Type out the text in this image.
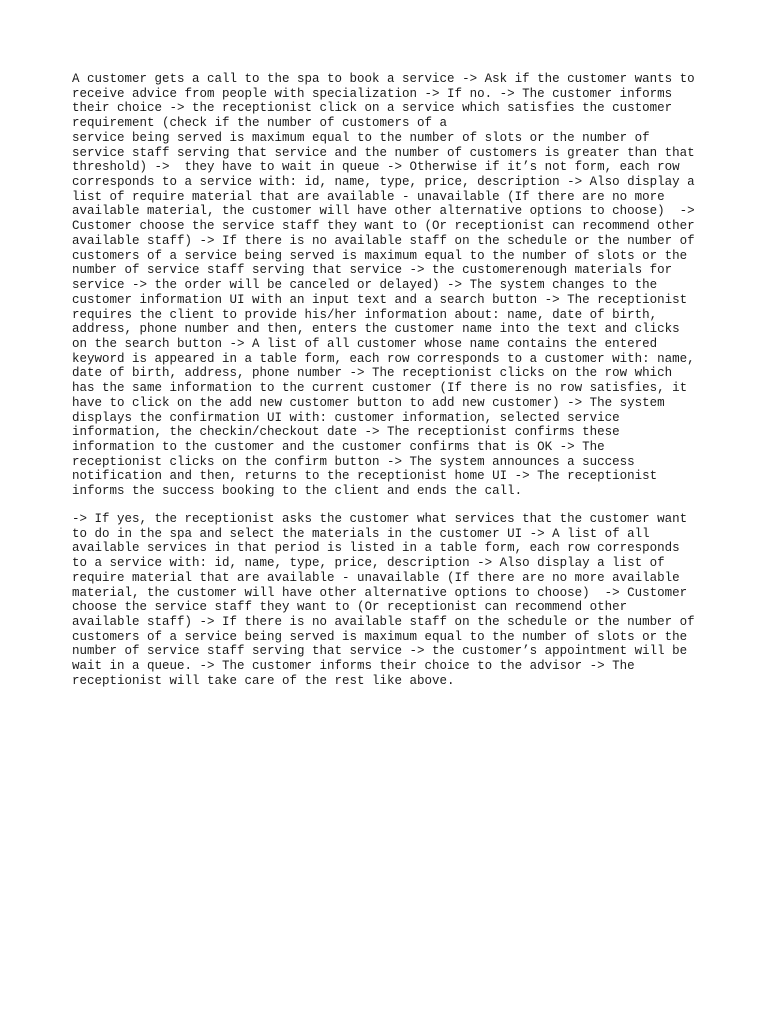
A customer gets a call to the spa to book a service -> Ask if the customer wants to
receive advice from people with specialization -> If no. -> The customer informs
their choice -> the receptionist click on a service which satisfies the customer
requirement (check if the number of customers of a
service being served is maximum equal to the number of slots or the number of
service staff serving that service and the number of customers is greater than that
threshold) ->  they have to wait in queue -> Otherwise if it’s not form, each row
corresponds to a service with: id, name, type, price, description -> Also display a
list of require material that are available - unavailable (If there are no more
available material, the customer will have other alternative options to choose)  ->
Customer choose the service staff they want to (Or receptionist can recommend other
available staff) -> If there is no available staff on the schedule or the number of
customers of a service being served is maximum equal to the number of slots or the
number of service staff serving that service -> the customerenough materials for
service -> the order will be canceled or delayed) -> The system changes to the
customer information UI with an input text and a search button -> The receptionist
requires the client to provide his/her information about: name, date of birth,
address, phone number and then, enters the customer name into the text and clicks
on the search button -> A list of all customer whose name contains the entered
keyword is appeared in a table form, each row corresponds to a customer with: name,
date of birth, address, phone number -> The receptionist clicks on the row which
has the same information to the current customer (If there is no row satisfies, it
have to click on the add new customer button to add new customer) -> The system
displays the confirmation UI with: customer information, selected service
information, the checkin/checkout date -> The receptionist confirms these
information to the customer and the customer confirms that is OK -> The
receptionist clicks on the confirm button -> The system announces a success
notification and then, returns to the receptionist home UI -> The receptionist
informs the success booking to the client and ends the call.

-> If yes, the receptionist asks the customer what services that the customer want
to do in the spa and select the materials in the customer UI -> A list of all
available services in that period is listed in a table form, each row corresponds
to a service with: id, name, type, price, description -> Also display a list of
require material that are available - unavailable (If there are no more available
material, the customer will have other alternative options to choose)  -> Customer
choose the service staff they want to (Or receptionist can recommend other
available staff) -> If there is no available staff on the schedule or the number of
customers of a service being served is maximum equal to the number of slots or the
number of service staff serving that service -> the customer’s appointment will be
wait in a queue. -> The customer informs their choice to the advisor -> The
receptionist will take care of the rest like above.
